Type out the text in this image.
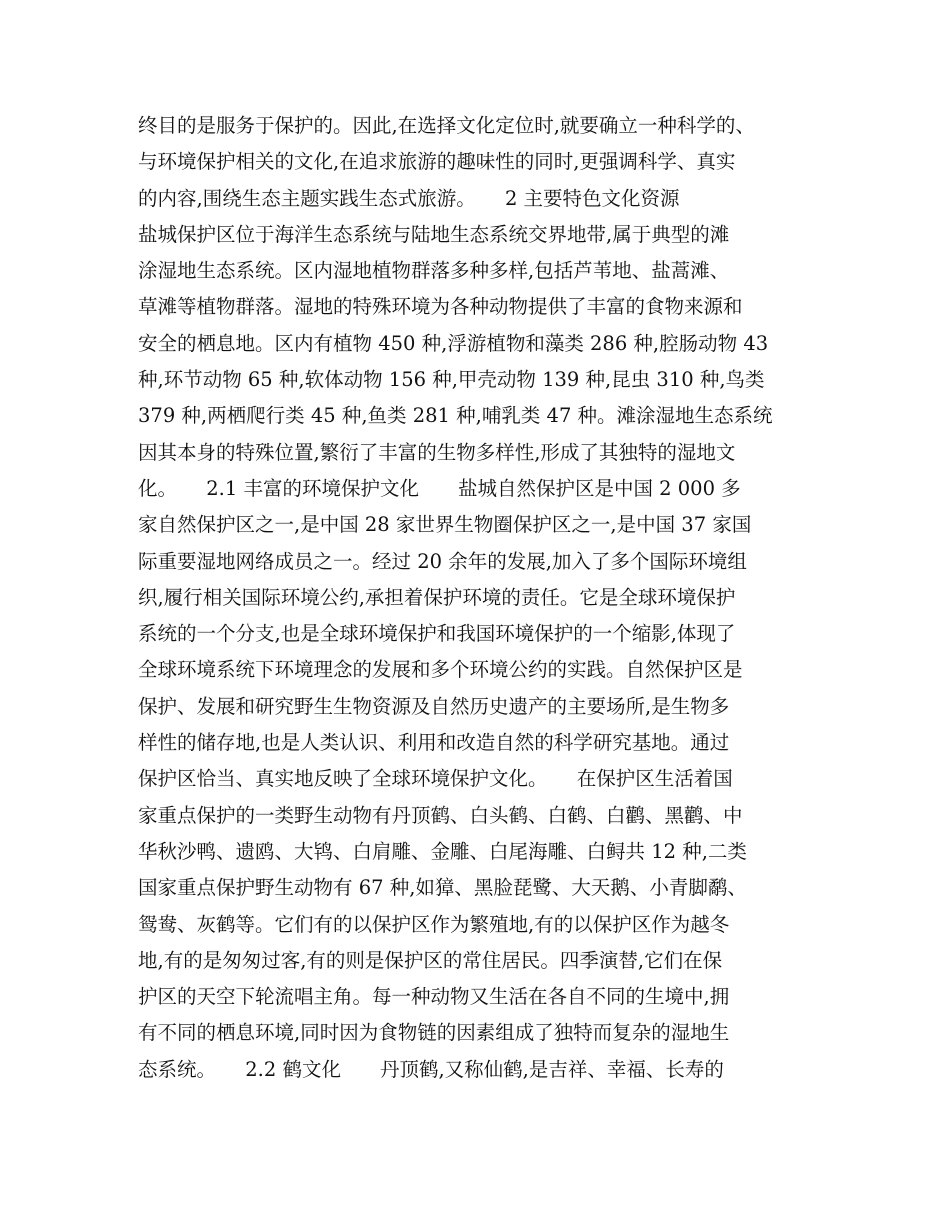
终目的是服务于保护的。因此,在选择文化定位时,就要确立一种科学的、
与环境保护相关的文化,在追求旅游的趣味性的同时,更强调科学、真实
的内容,围绕生态主题实践生态式旅游。　　2 主要特色文化资源
盐城保护区位于海洋生态系统与陆地生态系统交界地带,属于典型的滩
涂湿地生态系统。区内湿地植物群落多种多样,包括芦苇地、盐蒿滩、
草滩等植物群落。湿地的特殊环境为各种动物提供了丰富的食物来源和
安全的栖息地。区内有植物 450 种,浮游植物和藻类 286 种,腔肠动物 43
种,环节动物 65 种,软体动物 156 种,甲壳动物 139 种,昆虫 310 种,鸟类
379 种,两栖爬行类 45 种,鱼类 281 种,哺乳类 47 种。滩涂湿地生态系统
因其本身的特殊位置,繁衍了丰富的生物多样性,形成了其独特的湿地文
化。　　2.1 丰富的环境保护文化　　盐城自然保护区是中国 2 000 多
家自然保护区之一,是中国 28 家世界生物圈保护区之一,是中国 37 家国
际重要湿地网络成员之一。经过 20 余年的发展,加入了多个国际环境组
织,履行相关国际环境公约,承担着保护环境的责任。它是全球环境保护
系统的一个分支,也是全球环境保护和我国环境保护的一个缩影,体现了
全球环境系统下环境理念的发展和多个环境公约的实践。自然保护区是
保护、发展和研究野生生物资源及自然历史遗产的主要场所,是生物多
样性的储存地,也是人类认识、利用和改造自然的科学研究基地。通过
保护区恰当、真实地反映了全球环境保护文化。　　在保护区生活着国
家重点保护的一类野生动物有丹顶鹤、白头鹤、白鹤、白鹳、黑鹳、中
华秋沙鸭、遗鸥、大鸨、白肩雕、金雕、白尾海雕、白鲟共 12 种,二类
国家重点保护野生动物有 67 种,如獐、黑脸琵鹭、大天鹅、小青脚鹬、
鸳鸯、灰鹤等。它们有的以保护区作为繁殖地,有的以保护区作为越冬
地,有的是匆匆过客,有的则是保护区的常住居民。四季演替,它们在保
护区的天空下轮流唱主角。每一种动物又生活在各自不同的生境中,拥
有不同的栖息环境,同时因为食物链的因素组成了独特而复杂的湿地生
态系统。　　2.2 鹤文化　　丹顶鹤,又称仙鹤,是吉祥、幸福、长寿的
